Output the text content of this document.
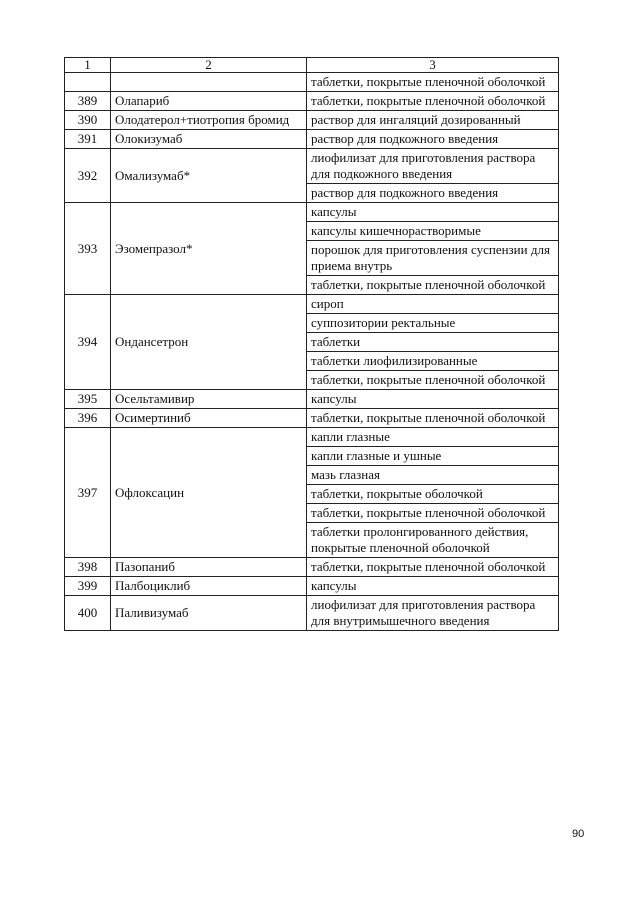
1	2	3
		таблетки, покрытые пленочной оболочкой
389	Олапариб	таблетки, покрытые пленочной оболочкой
390	Олодатерол+тиотропия бромид	раствор для ингаляций дозированный
391	Олокизумаб	раствор для подкожного введения
392	Омализумаб*	лиофилизат для приготовления раствора для подкожного введения
		раствор для подкожного введения
393	Эзомепразол*	капсулы
		капсулы кишечнорастворимые
		порошок для приготовления суспензии для приема внутрь
		таблетки, покрытые пленочной оболочкой
394	Ондансетрон	сироп
		суппозитории ректальные
		таблетки
		таблетки лиофилизированные
		таблетки, покрытые пленочной оболочкой
395	Осельтамивир	капсулы
396	Осимертиниб	таблетки, покрытые пленочной оболочкой
397	Офлоксацин	капли глазные
		капли глазные и ушные
		мазь глазная
		таблетки, покрытые оболочкой
		таблетки, покрытые пленочной оболочкой
		таблетки пролонгированного действия, покрытые пленочной оболочкой
398	Пазопаниб	таблетки, покрытые пленочной оболочкой
399	Палбоциклиб	капсулы
400	Паливизумаб	лиофилизат для приготовления раствора для внутримышечного введения
90
